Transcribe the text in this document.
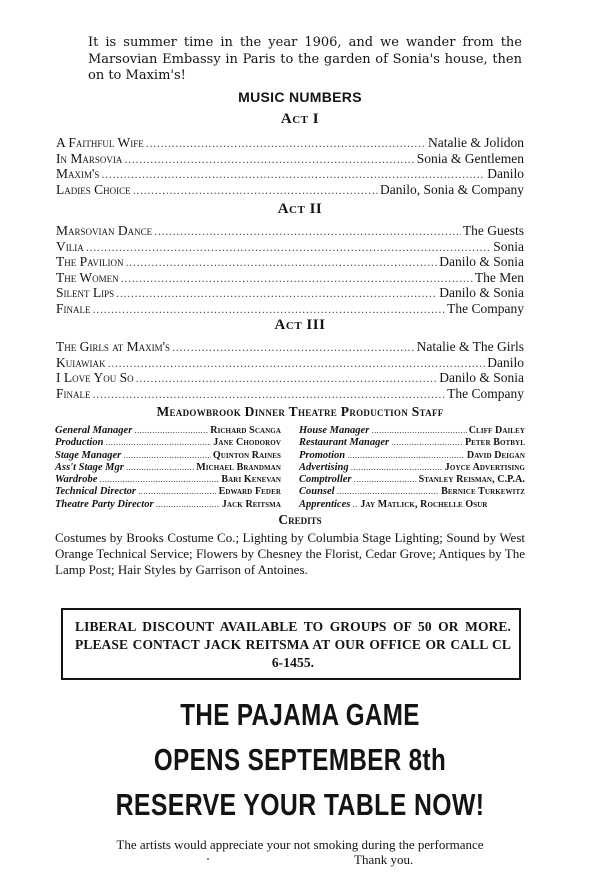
It is summer time in the year 1906, and we wander from the Marsovian Embassy in Paris to the garden of Sonia's house, then on to Maxim's!
MUSIC NUMBERS
Act I
A Faithful Wife .....	Natalie & Jolidon
In Marsovia .....	Sonia & Gentlemen
Maxim's .....	Danilo
Ladies Choice .....	Danilo, Sonia & Company
Act II
Marsovian Dance .....	The Guests
Vilia .....	Sonia
The Pavilion .....	Danilo & Sonia
The Women .....	The Men
Silent Lips .....	Danilo & Sonia
Finale .....	The Company
Act III
The Girls at Maxim's .....	Natalie & The Girls
Kuiawiak .....	Danilo
I Love You So .....	Danilo & Sonia
Finale .....	The Company
Meadowbrook Dinner Theatre Production Staff
General Manager .....	Richard Scanga
Production .....	Jane Chodorov
Stage Manager .....	Quinton Raines
Ass't Stage Mgr .....	Michael Brandman
Wardrobe .....	Bari Kenevan
Technical Director .....	Edward Feder
Theatre Party Director .....	Jack Reitsma
House Manager .....	Cliff Dailey
Restaurant Manager .....	Peter Botbyl
Promotion .....	David Deigan
Advertising .....	Joyce Advertising
Comptroller .....	Stanley Reisman, C.P.A.
Counsel .....	Bernice Turkewitz
Apprentices ..... Jay Matlick, Rochelle Osur
Credits
Costumes by Brooks Costume Co.; Lighting by Columbia Stage Lighting; Sound by West Orange Technical Service; Flowers by Chesney the Florist, Cedar Grove; Antiques by The Lamp Post; Hair Styles by Garrison of Antoines.
LIBERAL DISCOUNT AVAILABLE TO GROUPS OF 50 OR MORE. PLEASE CONTACT JACK REITSMA AT OUR OFFICE OR CALL CL 6-1455.
THE PAJAMA GAME
OPENS SEPTEMBER 8th
RESERVE YOUR TABLE NOW!
The artists would appreciate your not smoking during the performance
Thank you.
